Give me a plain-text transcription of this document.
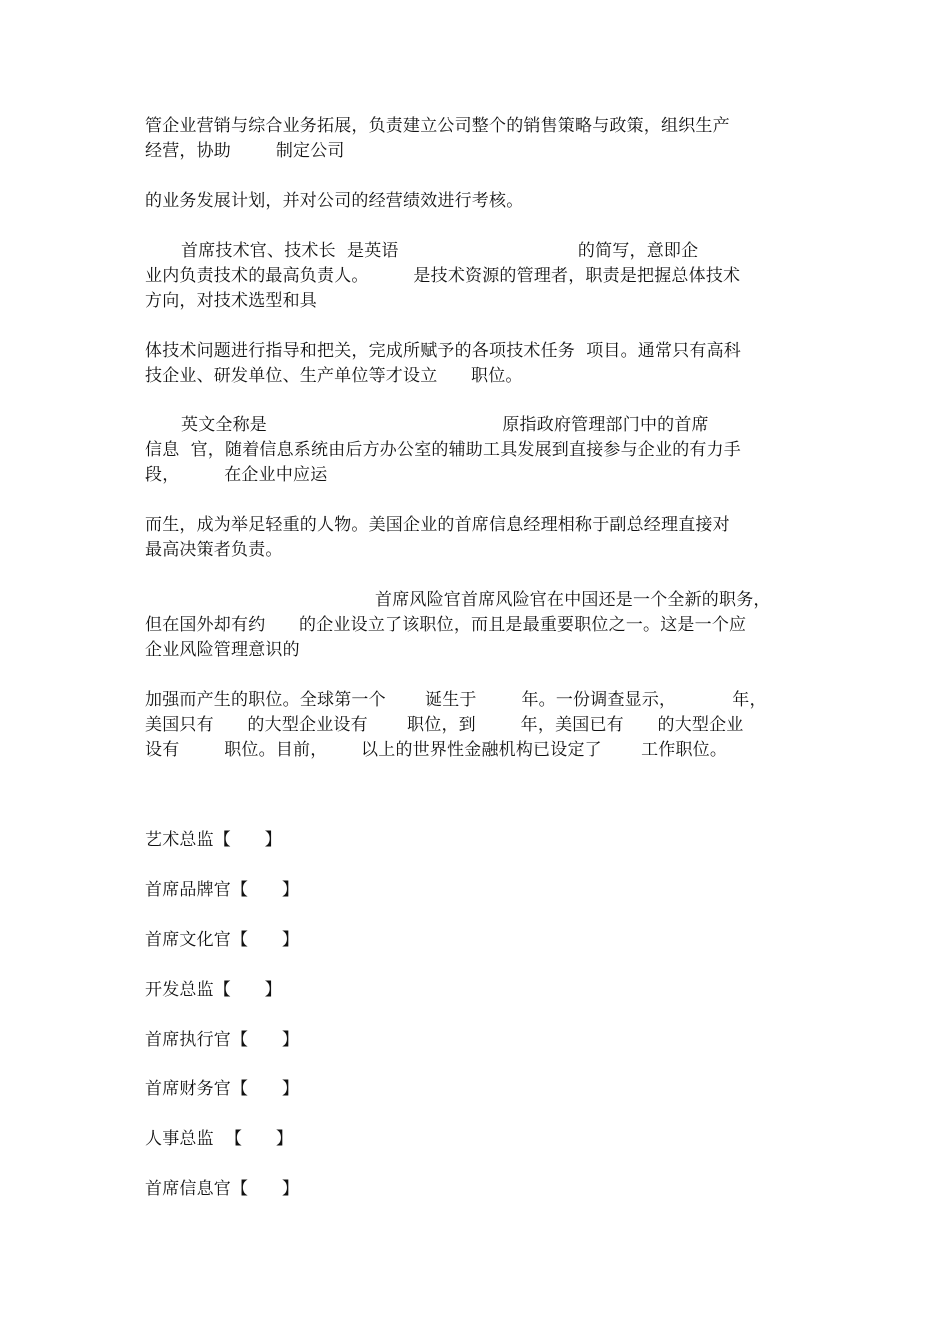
管企业营销与综合业务拓展，负责建立公司整个的销售策略与政策，组织生产

经营，协助        制定公司

的业务发展计划，并对公司的经营绩效进行考核。

首席技术官、技术长  是英语                                的简写，意即企

业内负责技术的最高负责人。        是技术资源的管理者，职责是把握总体技术

方向，对技术选型和具

体技术问题进行指导和把关，完成所赋予的各项技术任务  项目。通常只有高科

技企业、研发单位、生产单位等才设立      职位。

英文全称是                                          原指政府管理部门中的首席

信息  官，随着信息系统由后方办公室的辅助工具发展到直接参与企业的有力手

段，        在企业中应运

而生，成为举足轻重的人物。美国企业的首席信息经理相称于副总经理直接对

最高决策者负责。

首席风险官首席风险官在中国还是一个全新的职务，

但在国外却有约      的企业设立了该职位，而且是最重要职位之一。这是一个应

企业风险管理意识的

加强而产生的职位。全球第一个       诞生于        年。一份调查显示，          年，

美国只有      的大型企业设有       职位，到        年，美国已有      的大型企业

设有        职位。目前，      以上的世界性金融机构已设定了       工作职位。

艺术总监【      】

首席品牌官【      】

首席文化官【      】

开发总监【      】

首席执行官【      】

首席财务官【      】

人事总监  【      】

首席信息官【      】
